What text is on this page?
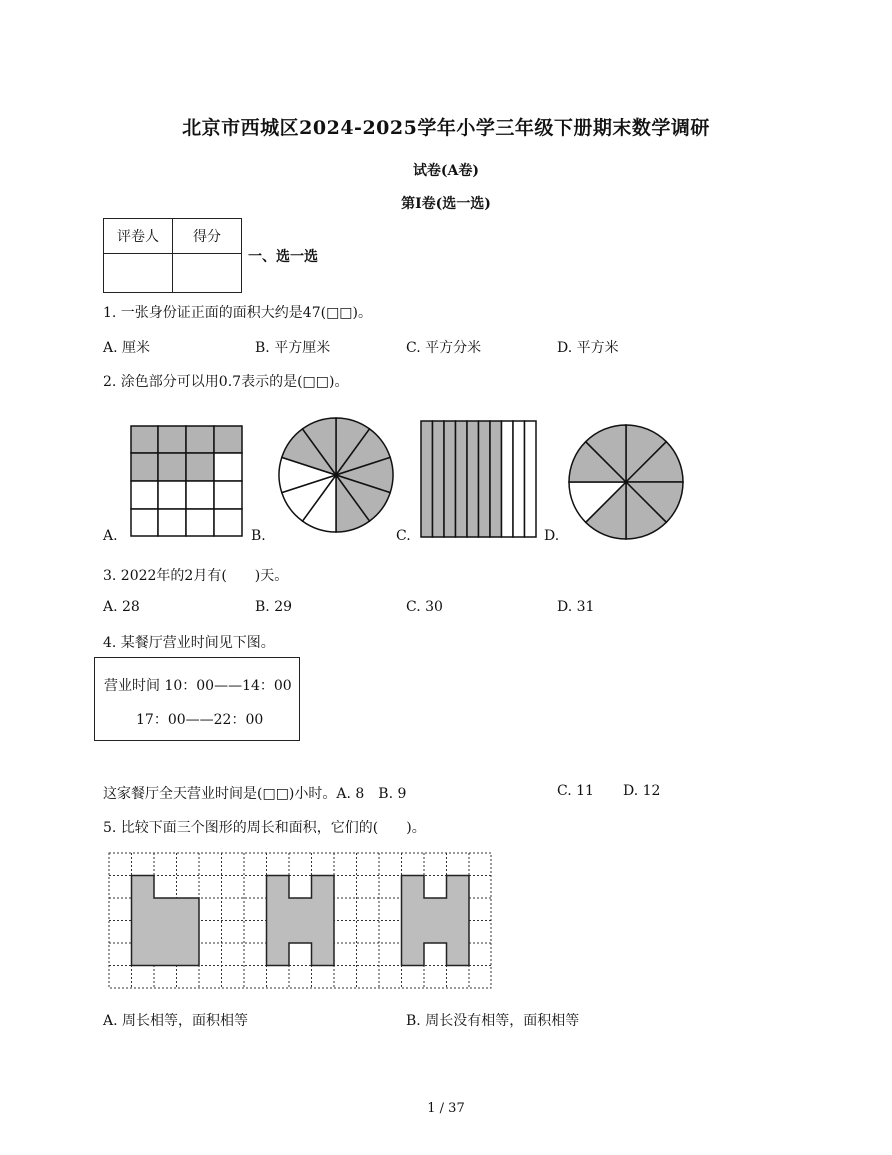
北京市西城区2024-2025学年小学三年级下册期末数学调研
试卷(A卷)
第Ⅰ卷(选一选)
评卷人	得分

一、选一选
1. 一张身份证正面的面积大约是47(□□)。
A. 厘米	B. 平方厘米	C. 平方分米	D. 平方米
2. 涂色部分可以用0.7表示的是(□□)。
A.	B.	C.	D.
3. 2022年的2月有(　　)天。
A. 28	B. 29	C. 30	D. 31
4. 某餐厅营业时间见下图。
营业时间 10：00——14：00
17：00——22：00
这家餐厅全天营业时间是(□□)小时。A. 8　B. 9	C. 11 D. 12
5. 比较下面三个图形的周长和面积，它们的(　　)。
A. 周长相等，面积相等	B. 周长没有相等，面积相等
1 / 37
